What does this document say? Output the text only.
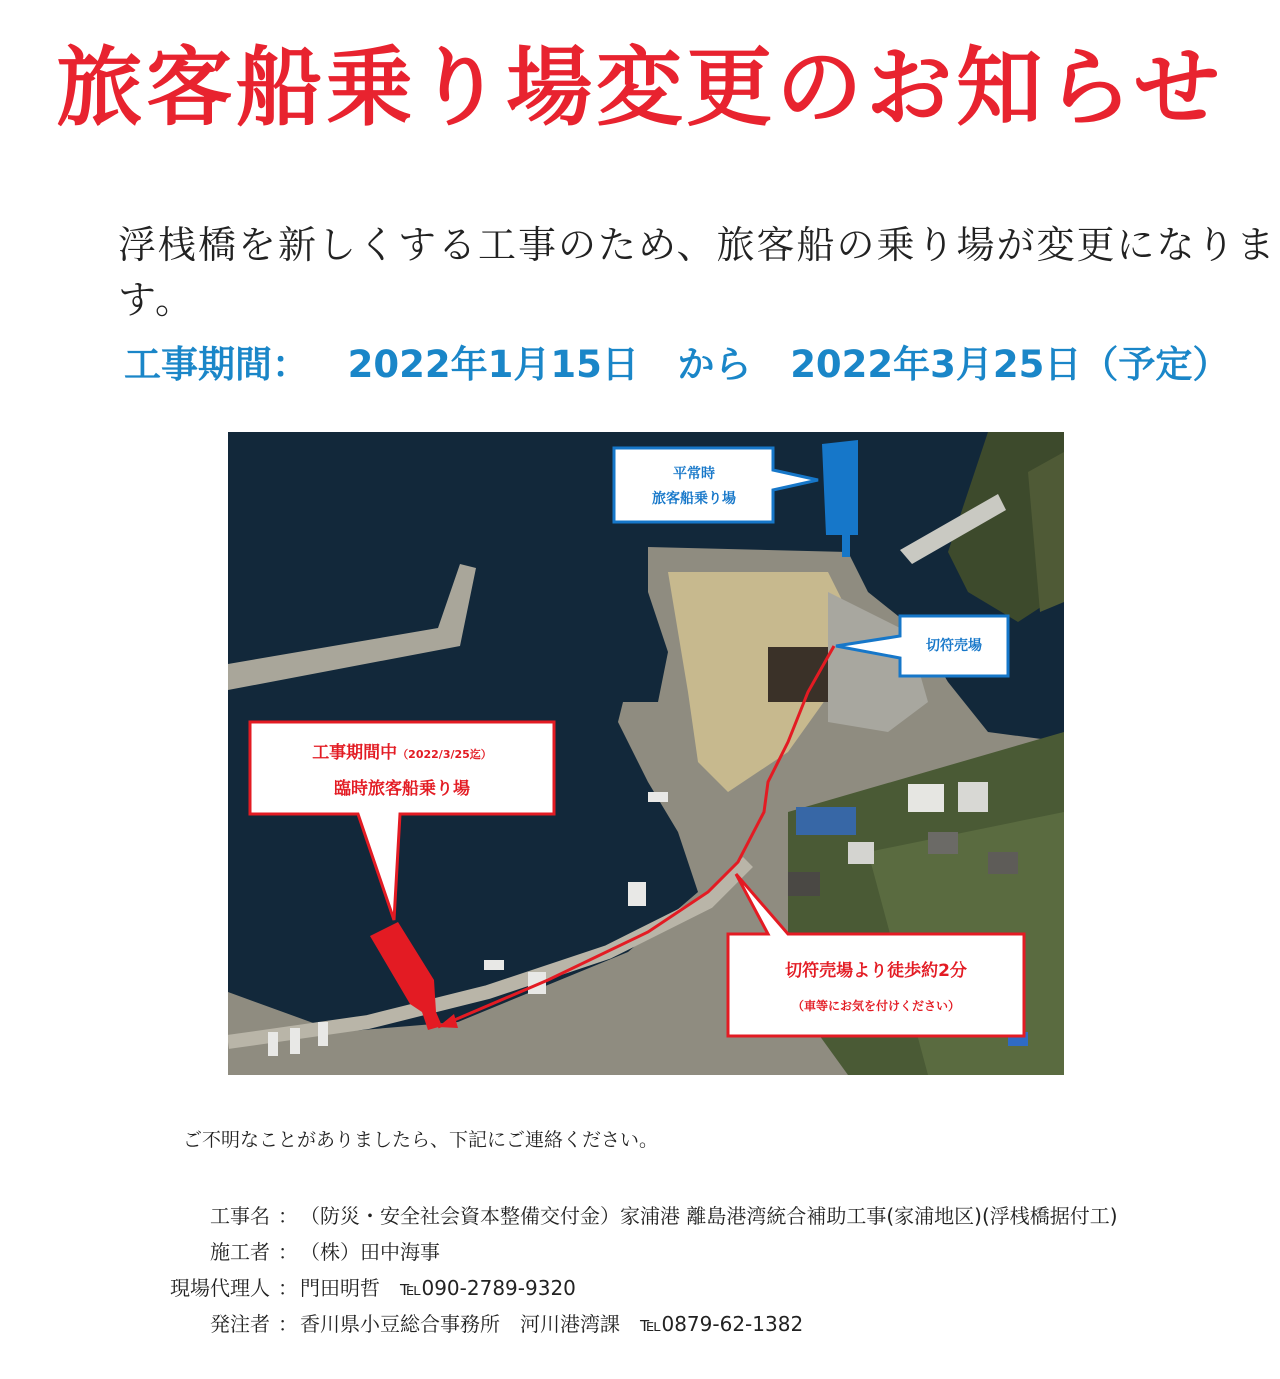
旅客船乗り場変更のお知らせ
浮桟橋を新しくする工事のため、旅客船の乗り場が変更になります。
工事期間： 2022年1月15日 から 2022年3月25日（予定）
平常時
旅客船乗り場
切符売場
工事期間中（2022/3/25迄）
臨時旅客船乗り場
切符売場より徒歩約2分
（車等にお気を付けください）
ご不明なことがありましたら、下記にご連絡ください。
工事名 ： （防災・安全社会資本整備交付金）家浦港 離島港湾統合補助工事(家浦地区)(浮桟橋据付工)
施工者 ： （株）田中海事
現場代理人 ： 門田明哲　℡090-2789-9320
発注者 ： 香川県小豆総合事務所　河川港湾課　℡0879-62-1382
